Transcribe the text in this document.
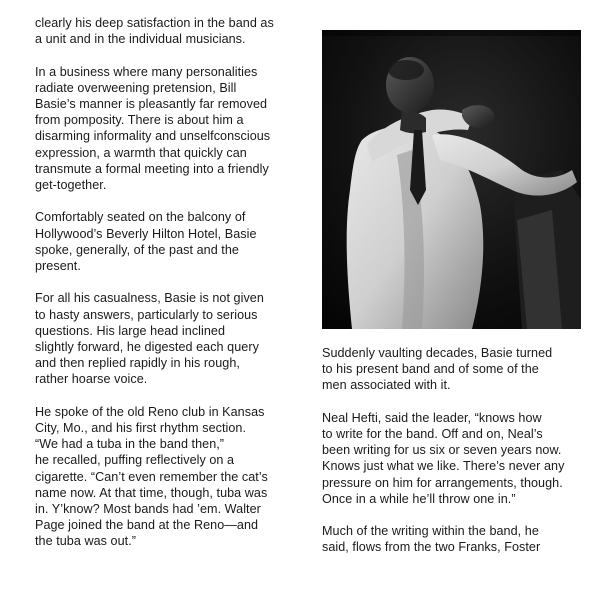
clearly his deep satisfaction in the band as
a unit and in the individual musicians.

In a business where many personalities
radiate overweening pretension, Bill
Basie’s manner is pleasantly far removed
from pomposity. There is about him a
disarming informality and unselfconscious
expression, a warmth that quickly can
transmute a formal meeting into a friendly
get-together.

Comfortably seated on the balcony of
Hollywood’s Beverly Hilton Hotel, Basie
spoke, generally, of the past and the
present.

For all his casualness, Basie is not given
to hasty answers, particularly to serious
questions. His large head inclined
slightly forward, he digested each query
and then replied rapidly in his rough,
rather hoarse voice.

He spoke of the old Reno club in Kansas
City, Mo., and his first rhythm section.
“We had a tuba in the band then,”
he recalled, puffing reflectively on a
cigarette. “Can’t even remember the cat’s
name now. At that time, though, tuba was
in. Y’know? Most bands had ’em. Walter
Page joined the band at the Reno—and
the tuba was out.”

Suddenly vaulting decades, Basie turned
to his present band and of some of the
men associated with it.

Neal Hefti, said the leader, “knows how
to write for the band. Off and on, Neal’s
been writing for us six or seven years now.
Knows just what we like. There’s never any
pressure on him for arrangements, though.
Once in a while he’ll throw one in.”

Much of the writing within the band, he
said, flows from the two Franks, Foster
